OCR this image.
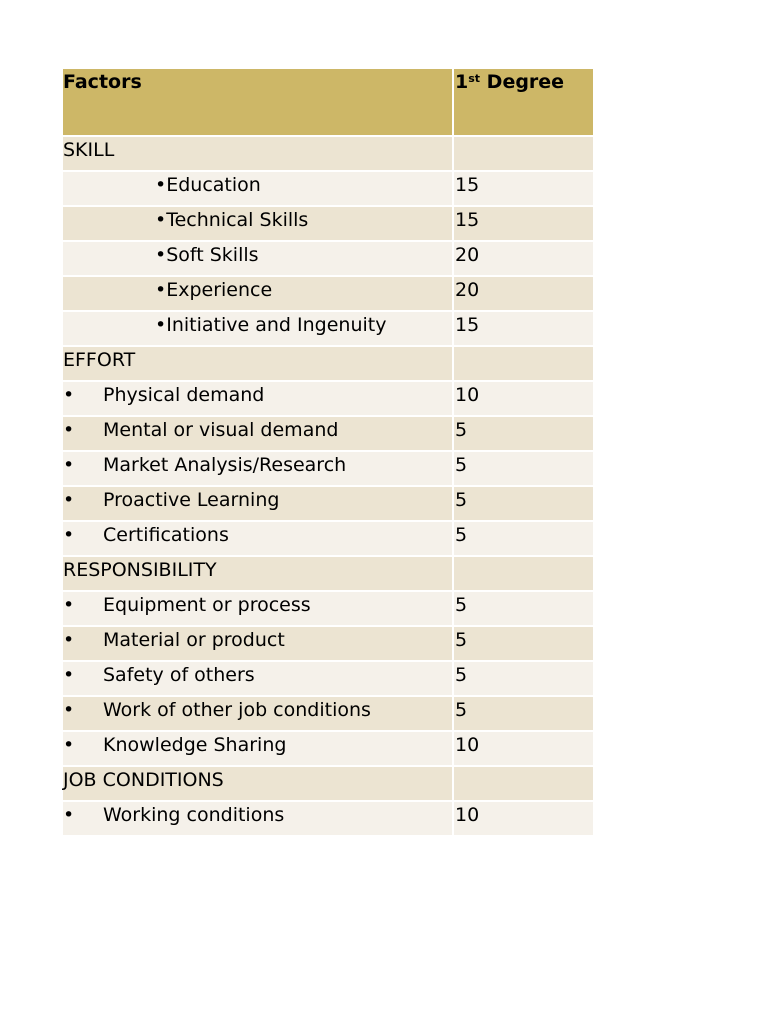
Factors	1st Degree
SKILL	
•Education	15
•Technical Skills	15
•Soft Skills	20
•Experience	20
•Initiative and Ingenuity	15
EFFORT	
• Physical demand	10
• Mental or visual demand	5
• Market Analysis/Research	5
• Proactive Learning	5
• Certifications	5
RESPONSIBILITY	
• Equipment or process	5
• Material or product	5
• Safety of others	5
• Work of other job conditions	5
• Knowledge Sharing	10
JOB CONDITIONS	
• Working conditions	10
